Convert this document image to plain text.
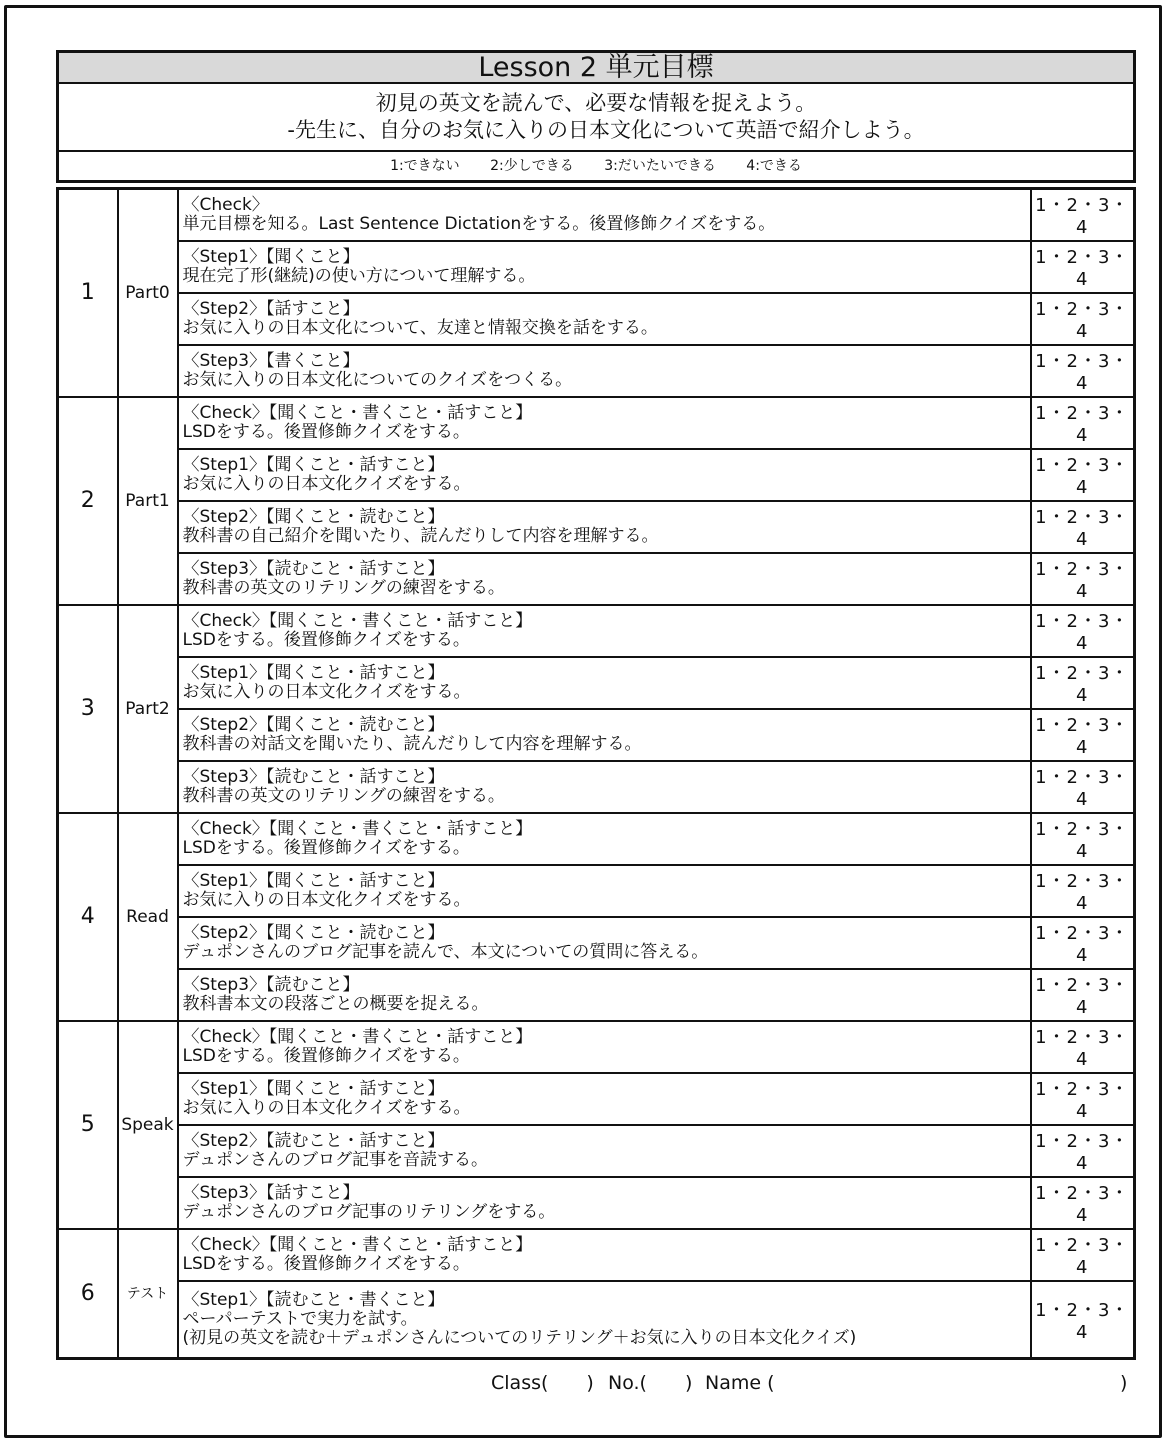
Lesson 2 単元目標
初見の英文を読んで、必要な情報を捉えよう。
-先生に、自分のお気に入りの日本文化について英語で紹介しよう。
1:できない 2:少しできる 3:だいたいできる 4:できる
1	Part0	〈Check〉
単元目標を知る。Last Sentence Dictationをする。後置修飾クイズをする。	1・2・3・4

		〈Step1〉【聞くこと】
現在完了形(継続)の使い方について理解する。	1・2・3・4

		〈Step2〉【話すこと】
お気に入りの日本文化について、友達と情報交換を話をする。	1・2・3・4

		〈Step3〉【書くこと】
お気に入りの日本文化についてのクイズをつくる。	1・2・3・4
2	Part1	〈Check〉【聞くこと・書くこと・話すこと】
LSDをする。後置修飾クイズをする。	1・2・3・4

		〈Step1〉【聞くこと・話すこと】
お気に入りの日本文化クイズをする。	1・2・3・4

		〈Step2〉【聞くこと・読むこと】
教科書の自己紹介を聞いたり、読んだりして内容を理解する。	1・2・3・4

		〈Step3〉【読むこと・話すこと】
教科書の英文のリテリングの練習をする。	1・2・3・4
3	Part2	〈Check〉【聞くこと・書くこと・話すこと】
LSDをする。後置修飾クイズをする。	1・2・3・4

		〈Step1〉【聞くこと・話すこと】
お気に入りの日本文化クイズをする。	1・2・3・4

		〈Step2〉【聞くこと・読むこと】
教科書の対話文を聞いたり、読んだりして内容を理解する。	1・2・3・4

		〈Step3〉【読むこと・話すこと】
教科書の英文のリテリングの練習をする。	1・2・3・4
4	Read	〈Check〉【聞くこと・書くこと・話すこと】
LSDをする。後置修飾クイズをする。	1・2・3・4

		〈Step1〉【聞くこと・話すこと】
お気に入りの日本文化クイズをする。	1・2・3・4

		〈Step2〉【聞くこと・読むこと】
デュポンさんのブログ記事を読んで、本文についての質問に答える。	1・2・3・4

		〈Step3〉【読むこと】
教科書本文の段落ごとの概要を捉える。	1・2・3・4
5	Speak	〈Check〉【聞くこと・書くこと・話すこと】
LSDをする。後置修飾クイズをする。	1・2・3・4

		〈Step1〉【聞くこと・話すこと】
お気に入りの日本文化クイズをする。	1・2・3・4

		〈Step2〉【読むこと・話すこと】
デュポンさんのブログ記事を音読する。	1・2・3・4

		〈Step3〉【話すこと】
デュポンさんのブログ記事のリテリングをする。	1・2・3・4
6	テスト	〈Check〉【聞くこと・書くこと・話すこと】
LSDをする。後置修飾クイズをする。	1・2・3・4

		〈Step1〉【読むこと・書くこと】
ペーパーテストで実力を試す。
(初見の英文を読む＋デュポンさんについてのリテリング＋お気に入りの日本文化クイズ)	1・2・3・4
Class(　　) No.(　　) Name (	)
